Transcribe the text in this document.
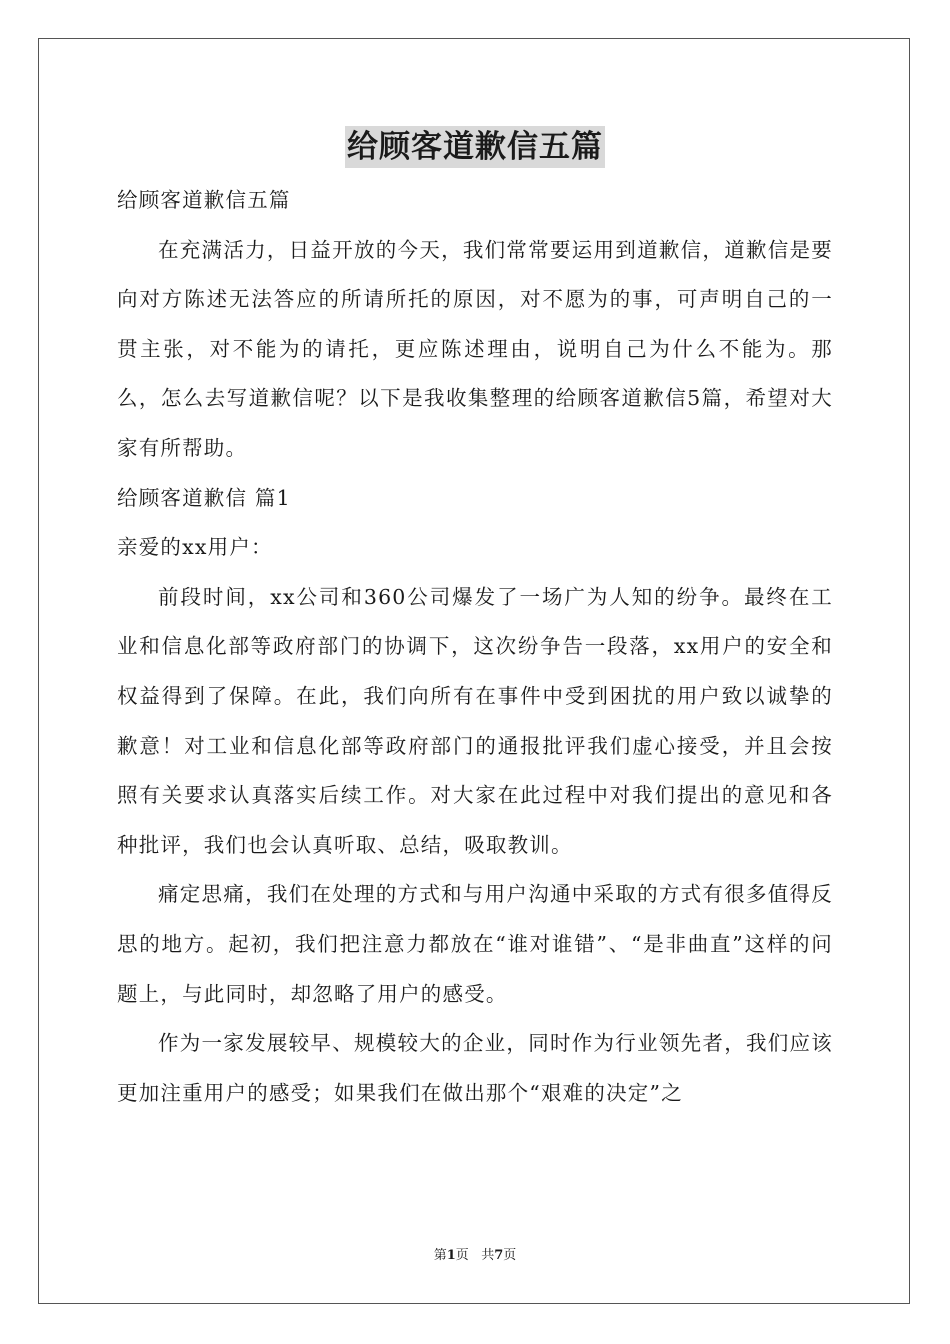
给顾客道歉信五篇

给顾客道歉信五篇

在充满活力，日益开放的今天，我们常常要运用到道歉信，道歉信是要向对方陈述无法答应的所请所托的原因，对不愿为的事，可声明自己的一贯主张，对不能为的请托，更应陈述理由，说明自己为什么不能为。那么，怎么去写道歉信呢？以下是我收集整理的给顾客道歉信5篇，希望对大家有所帮助。

给顾客道歉信 篇1

亲爱的xx用户：

前段时间，xx公司和360公司爆发了一场广为人知的纷争。最终在工业和信息化部等政府部门的协调下，这次纷争告一段落，xx用户的安全和权益得到了保障。在此，我们向所有在事件中受到困扰的用户致以诚挚的歉意！对工业和信息化部等政府部门的通报批评我们虚心接受，并且会按照有关要求认真落实后续工作。对大家在此过程中对我们提出的意见和各种批评，我们也会认真听取、总结，吸取教训。

痛定思痛，我们在处理的方式和与用户沟通中采取的方式有很多值得反思的地方。起初，我们把注意力都放在“谁对谁错”、“是非曲直”这样的问题上，与此同时，却忽略了用户的感受。

作为一家发展较早、规模较大的企业，同时作为行业领先者，我们应该更加注重用户的感受；如果我们在做出那个“艰难的决定”之

第1页 共7页
